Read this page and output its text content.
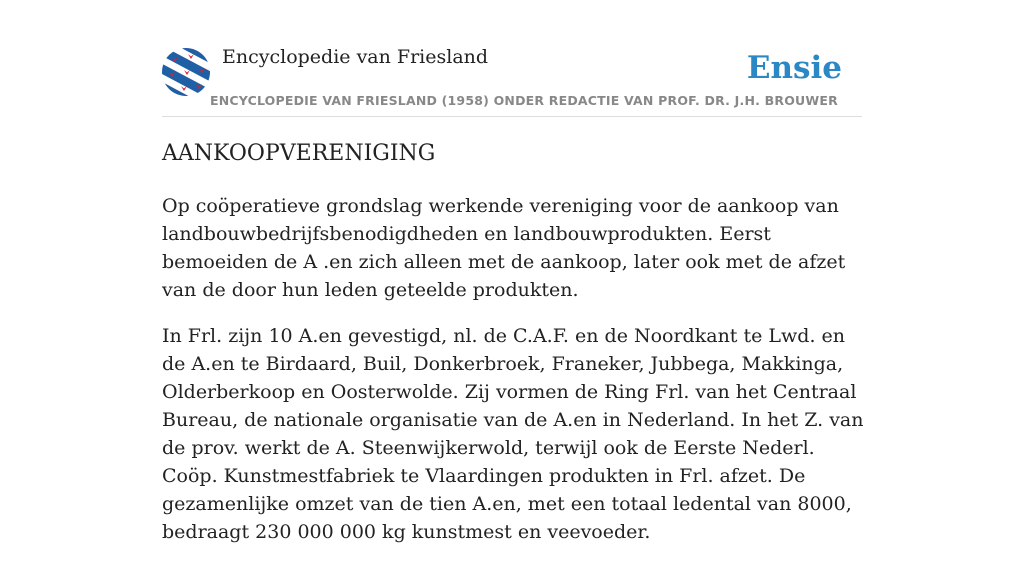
Encyclopedie van Friesland	Ensie
ENCYCLOPEDIE VAN FRIESLAND (1958) ONDER REDACTIE VAN PROF. DR. J.H. BROUWER
AANKOOPVERENIGING

Op coöperatieve grondslag werkende vereniging voor de aankoop van landbouwbedrijfsbenodigdheden en landbouwprodukten. Eerst bemoeiden de A .en zich alleen met de aankoop, later ook met de afzet van de door hun leden geteelde produkten.

In Frl. zijn 10 A.en gevestigd, nl. de C.A.F. en de Noordkant te Lwd. en de A.en te Birdaard, Buil, Donkerbroek, Franeker, Jubbega, Makkinga, Olderberkoop en Oosterwolde. Zij vormen de Ring Frl. van het Centraal Bureau, de nationale organisatie van de A.en in Nederland. In het Z. van de prov. werkt de A. Steenwijkerwold, terwijl ook de Eerste Nederl. Coöp. Kunstmestfabriek te Vlaardingen produkten in Frl. afzet. De gezamenlijke omzet van de tien A.en, met een totaal ledental van 8000, bedraagt 230 000 000 kg kunstmest en veevoeder.
